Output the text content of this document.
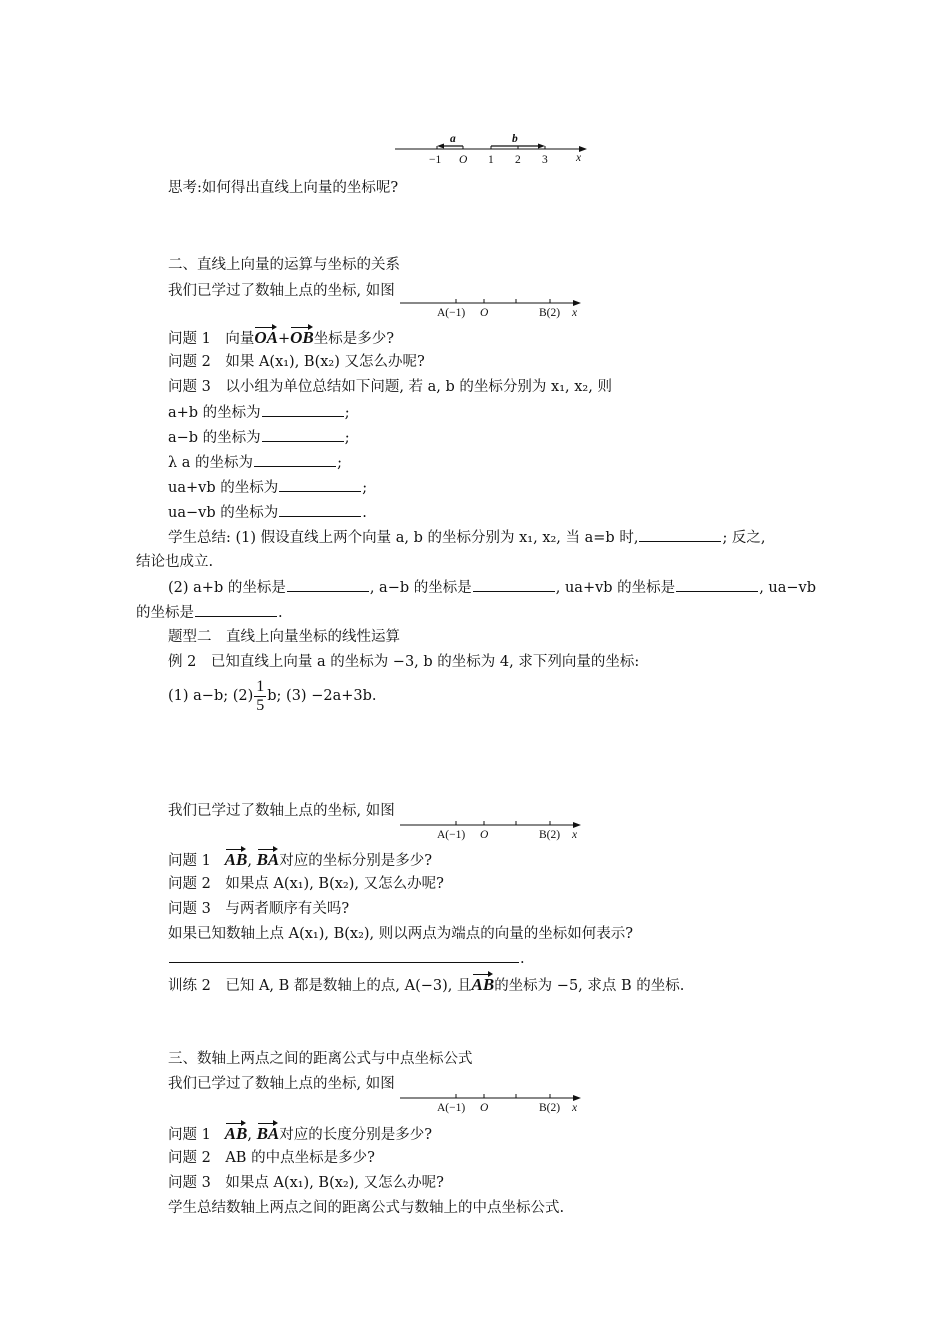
a	b
−1 O 1 2 3 x
思考:如何得出直线上向量的坐标呢?
二、直线上向量的运算与坐标的关系
我们已学过了数轴上点的坐标, 如图
A(−1) O	B(2) x
问题 1　向量OA+OB坐标是多少?
问题 2　如果 A(x₁), B(x₂) 又怎么办呢?
问题 3　以小组为单位总结如下问题, 若 a, b 的坐标分别为 x₁, x₂, 则
a+b 的坐标为	;
a−b 的坐标为	;
λ a 的坐标为	;
ua+vb 的坐标为	;
ua−vb 的坐标为	.
学生总结: (1) 假设直线上两个向量 a, b 的坐标分别为 x₁, x₂, 当 a=b 时,	; 反之,
结论也成立.
(2) a+b 的坐标是	, a−b 的坐标是	, ua+vb 的坐标是	, ua−vb
的坐标是	.
题型二　直线上向量坐标的线性运算
例 2　已知直线上向量 a 的坐标为 −3, b 的坐标为 4, 求下列向量的坐标:
(1) a−b; $(2) \frac{1}{5} b$; (3) −2a+3b.
我们已学过了数轴上点的坐标, 如图
A(−1) O	B(2) x
问题 1 AB, BA对应的坐标分别是多少?
问题 2　如果点 A(x₁), B(x₂), 又怎么办呢?
问题 3　与两者顺序有关吗?
如果已知数轴上点 A(x₁), B(x₂), 则以两点为端点的向量的坐标如何表示?
.
训练 2　已知 A, B 都是数轴上的点, A(−3), 且AB的坐标为 −5, 求点 B 的坐标.
三、数轴上两点之间的距离公式与中点坐标公式
我们已学过了数轴上点的坐标, 如图
A(−1) O	B(2) x
问题 1 AB, BA对应的长度分别是多少?
问题 2　AB 的中点坐标是多少?
问题 3　如果点 A(x₁), B(x₂), 又怎么办呢?
学生总结数轴上两点之间的距离公式与数轴上的中点坐标公式.
